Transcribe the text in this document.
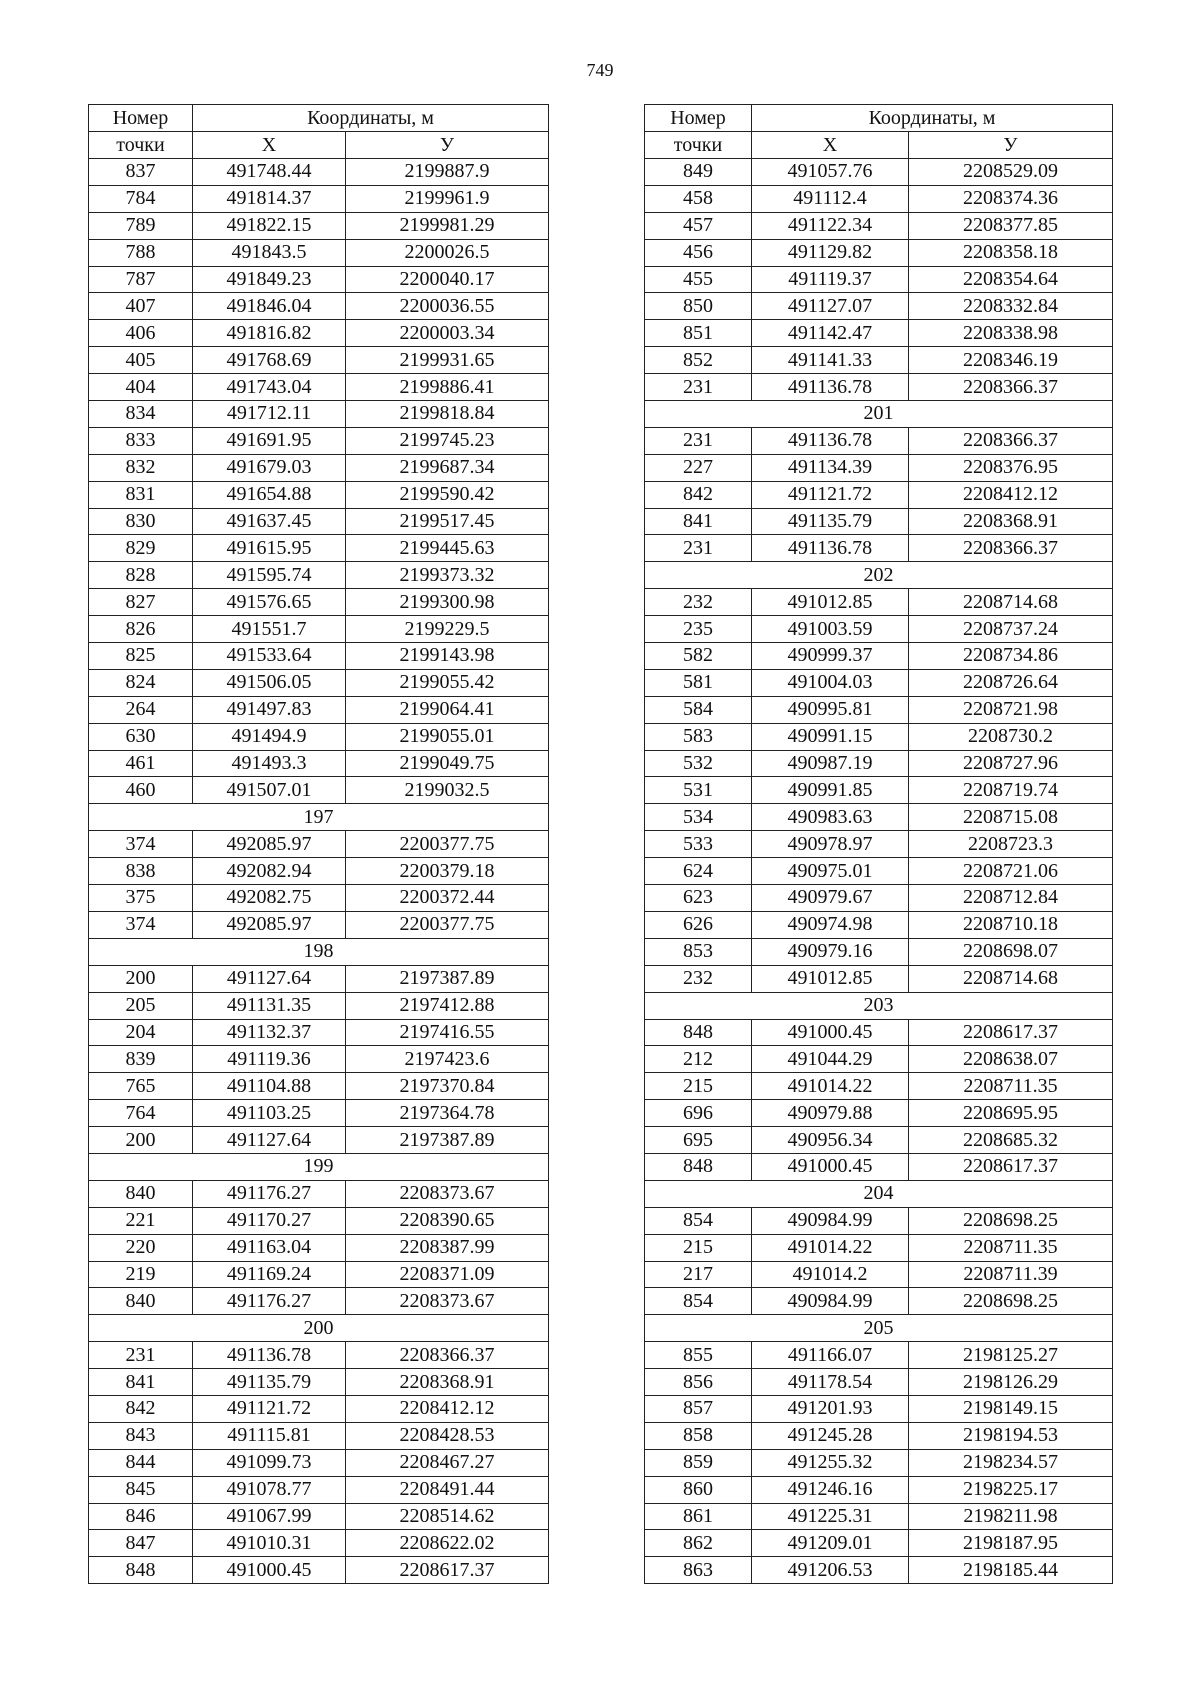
749
Номер	Координаты, м	
точки	Х	У
837	491748.44	2199887.9
784	491814.37	2199961.9
789	491822.15	2199981.29
788	491843.5	2200026.5
787	491849.23	2200040.17
407	491846.04	2200036.55
406	491816.82	2200003.34
405	491768.69	2199931.65
404	491743.04	2199886.41
834	491712.11	2199818.84
833	491691.95	2199745.23
832	491679.03	2199687.34
831	491654.88	2199590.42
830	491637.45	2199517.45
829	491615.95	2199445.63
828	491595.74	2199373.32
827	491576.65	2199300.98
826	491551.7	2199229.5
825	491533.64	2199143.98
824	491506.05	2199055.42
264	491497.83	2199064.41
630	491494.9	2199055.01
461	491493.3	2199049.75
460	491507.01	2199032.5
197		
374	492085.97	2200377.75
838	492082.94	2200379.18
375	492082.75	2200372.44
374	492085.97	2200377.75
198		
200	491127.64	2197387.89
205	491131.35	2197412.88
204	491132.37	2197416.55
839	491119.36	2197423.6
765	491104.88	2197370.84
764	491103.25	2197364.78
200	491127.64	2197387.89
199		
840	491176.27	2208373.67
221	491170.27	2208390.65
220	491163.04	2208387.99
219	491169.24	2208371.09
840	491176.27	2208373.67
200		
231	491136.78	2208366.37
841	491135.79	2208368.91
842	491121.72	2208412.12
843	491115.81	2208428.53
844	491099.73	2208467.27
845	491078.77	2208491.44
846	491067.99	2208514.62
847	491010.31	2208622.02
848	491000.45	2208617.37
Номер	Координаты, м	
точки	Х	У
849	491057.76	2208529.09
458	491112.4	2208374.36
457	491122.34	2208377.85
456	491129.82	2208358.18
455	491119.37	2208354.64
850	491127.07	2208332.84
851	491142.47	2208338.98
852	491141.33	2208346.19
231	491136.78	2208366.37
201		
231	491136.78	2208366.37
227	491134.39	2208376.95
842	491121.72	2208412.12
841	491135.79	2208368.91
231	491136.78	2208366.37
202		
232	491012.85	2208714.68
235	491003.59	2208737.24
582	490999.37	2208734.86
581	491004.03	2208726.64
584	490995.81	2208721.98
583	490991.15	2208730.2
532	490987.19	2208727.96
531	490991.85	2208719.74
534	490983.63	2208715.08
533	490978.97	2208723.3
624	490975.01	2208721.06
623	490979.67	2208712.84
626	490974.98	2208710.18
853	490979.16	2208698.07
232	491012.85	2208714.68
203		
848	491000.45	2208617.37
212	491044.29	2208638.07
215	491014.22	2208711.35
696	490979.88	2208695.95
695	490956.34	2208685.32
848	491000.45	2208617.37
204		
854	490984.99	2208698.25
215	491014.22	2208711.35
217	491014.2	2208711.39
854	490984.99	2208698.25
205		
855	491166.07	2198125.27
856	491178.54	2198126.29
857	491201.93	2198149.15
858	491245.28	2198194.53
859	491255.32	2198234.57
860	491246.16	2198225.17
861	491225.31	2198211.98
862	491209.01	2198187.95
863	491206.53	2198185.44
